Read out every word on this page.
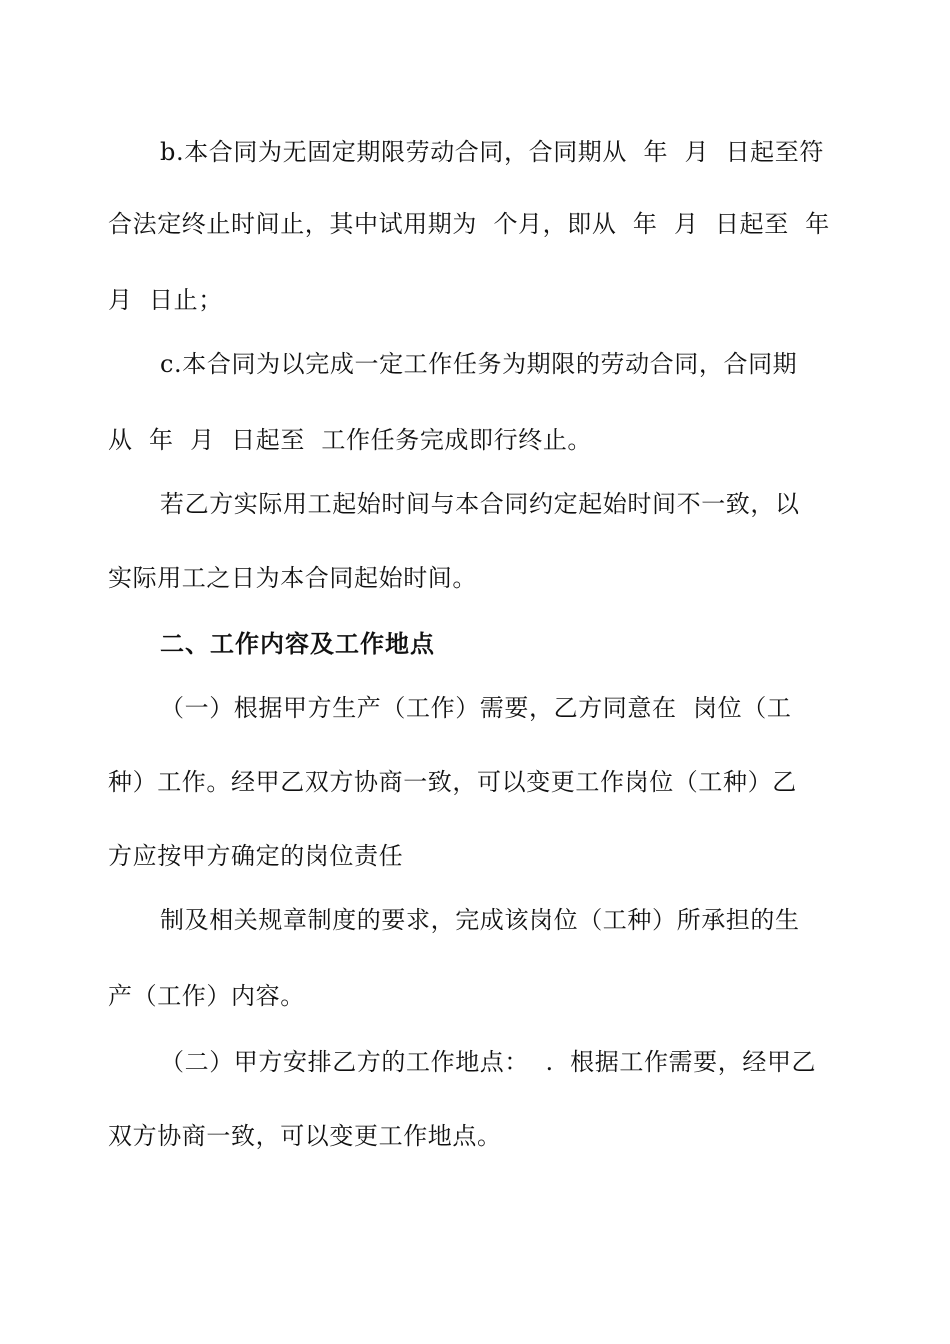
b.本合同为无固定期限劳动合同，合同期从  年  月  日起至符
合法定终止时间止，其中试用期为  个月，即从  年  月  日起至  年
月  日止；
c.本合同为以完成一定工作任务为期限的劳动合同，合同期
从  年  月  日起至  工作任务完成即行终止。
若乙方实际用工起始时间与本合同约定起始时间不一致，以
实际用工之日为本合同起始时间。
二、工作内容及工作地点
（一）根据甲方生产（工作）需要，乙方同意在  岗位（工
种）工作。经甲乙双方协商一致，可以变更工作岗位（工种）乙
方应按甲方确定的岗位责任
制及相关规章制度的要求，完成该岗位（工种）所承担的生
产（工作）内容。
（二）甲方安排乙方的工作地点：  .  根据工作需要，经甲乙
双方协商一致，可以变更工作地点。
